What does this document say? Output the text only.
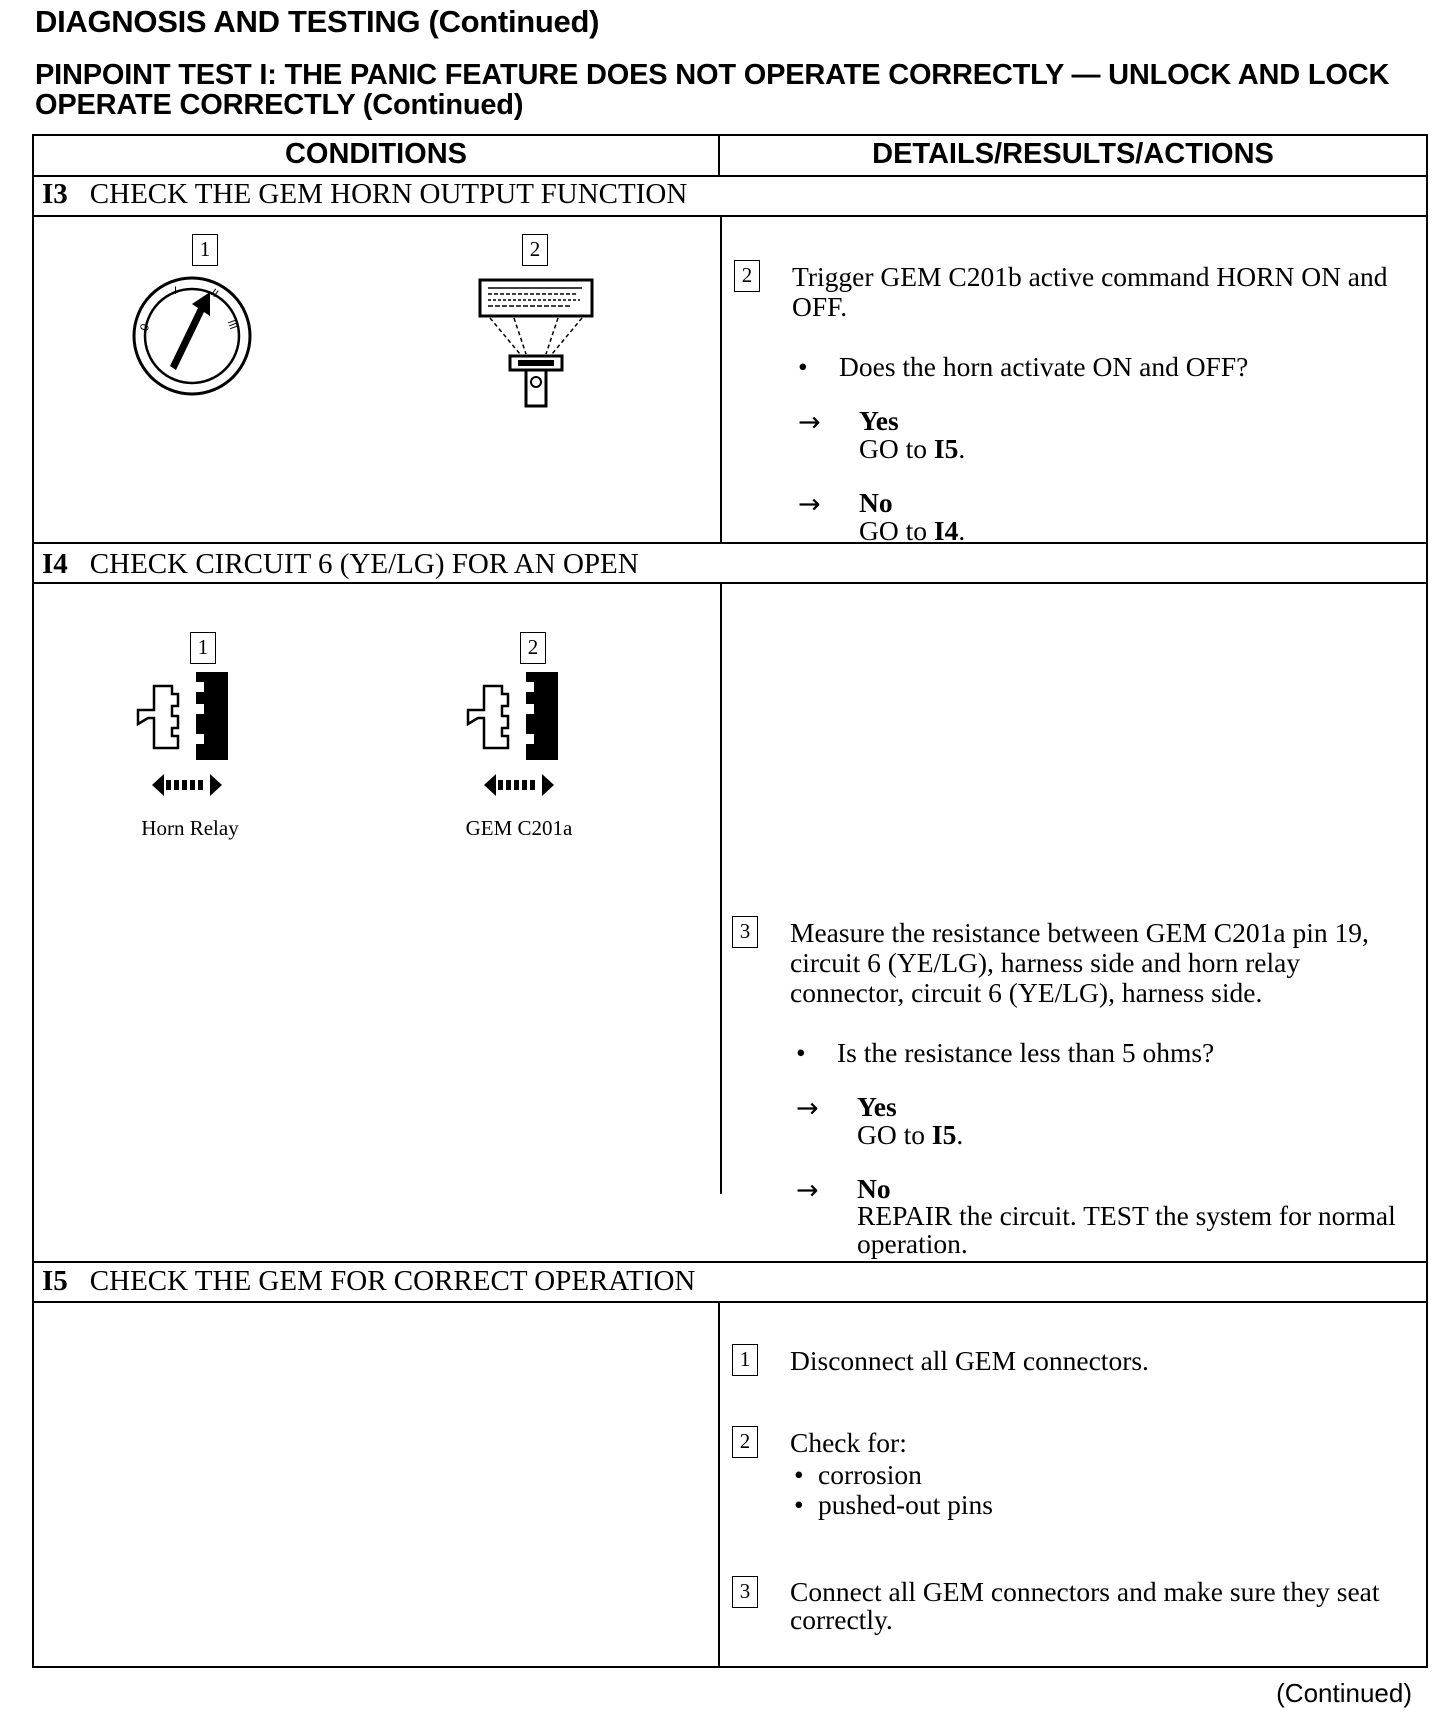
DIAGNOSIS AND TESTING (Continued)
PINPOINT TEST I: THE PANIC FEATURE DOES NOT OPERATE CORRECTLY — UNLOCK AND LOCK OPERATE CORRECTLY (Continued)
CONDITIONS	DETAILS/RESULTS/ACTIONS
I3 CHECK THE GEM HORN OUTPUT FUNCTION
1
0
I	II
III
2
2 Trigger GEM C201b active command HORN ON and OFF.
• Does the horn activate ON and OFF?
→ Yes
GO to I5.
→ No
GO to I4.
I4 CHECK CIRCUIT 6 (YE/LG) FOR AN OPEN
1
Horn Relay
2
GEM C201a
3 Measure the resistance between GEM C201a pin 19, circuit 6 (YE/LG), harness side and horn relay connector, circuit 6 (YE/LG), harness side.
• Is the resistance less than 5 ohms?
→ Yes
GO to I5.
→ No
REPAIR the circuit. TEST the system for normal operation.
I5 CHECK THE GEM FOR CORRECT OPERATION
1 Disconnect all GEM connectors.
2 Check for:
• corrosion
• pushed-out pins
3 Connect all GEM connectors and make sure they seat correctly.
(Continued)
